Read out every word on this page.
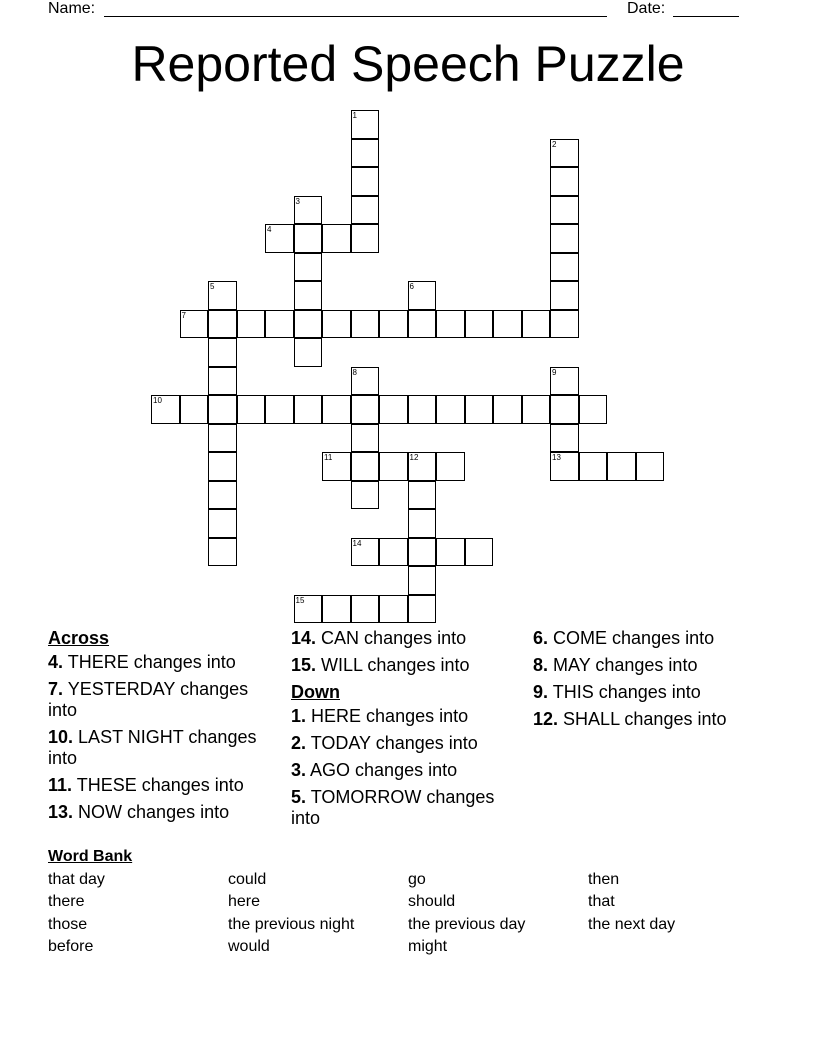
Name:	Date:
Reported Speech Puzzle
1
2
3
4
5	6
7
8	9
13
10
11	12
14
15
Across
4. THERE changes into
7. YESTERDAY changes into
10. LAST NIGHT changes into
11. THESE changes into
13. NOW changes into
14. CAN changes into
15. WILL changes into
Down
1. HERE changes into
2. TODAY changes into
3. AGO changes into
5. TOMORROW changes into
6. COME changes into
8. MAY changes into
9. THIS changes into
12. SHALL changes into
Word Bank
that day	could	go	then
there	here	should	that
those	the previous night	the previous day	the next day
before	would	might
